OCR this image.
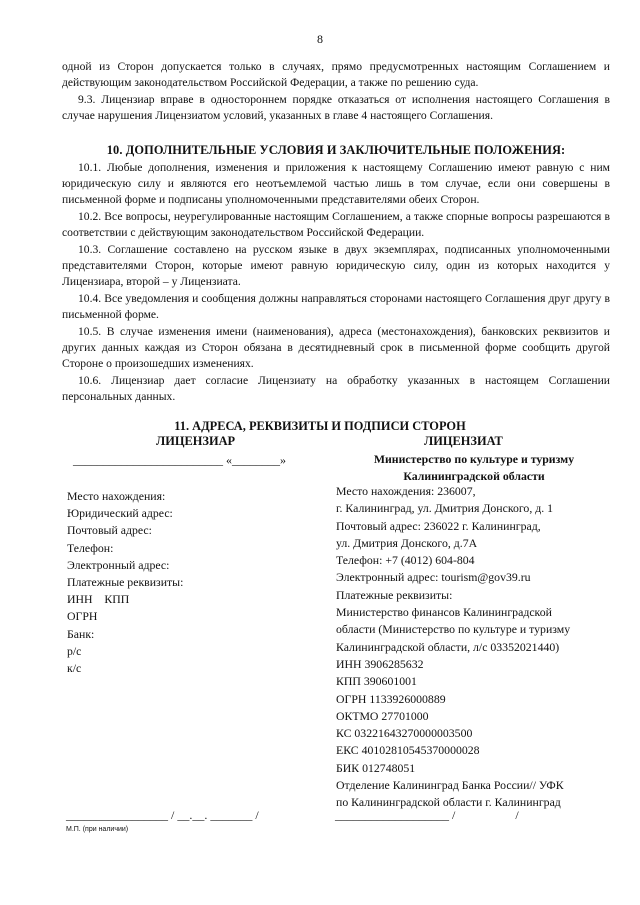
8

одной из Сторон допускается только в случаях, прямо предусмотренных настоящим Соглашением и действующим законодательством Российской Федерации, а также по решению суда.

9.3. Лицензиар вправе в одностороннем порядке отказаться от исполнения настоящего Соглашения в случае нарушения Лицензиатом условий, указанных в главе 4 настоящего Соглашения.

10. ДОПОЛНИТЕЛЬНЫЕ УСЛОВИЯ И ЗАКЛЮЧИТЕЛЬНЫЕ ПОЛОЖЕНИЯ:

10.1. Любые дополнения, изменения и приложения к настоящему Соглашению имеют равную с ним юридическую силу и являются его неотъемлемой частью лишь в том случае, если они совершены в письменной форме и подписаны уполномоченными представителями обеих Сторон.

10.2. Все вопросы, неурегулированные настоящим Соглашением, а также спорные вопросы разрешаются в соответствии с действующим законодательством Российской Федерации.

10.3. Соглашение составлено на русском языке в двух экземплярах, подписанных уполномоченными представителями Сторон, которые имеют равную юридическую силу, один из которых находится у Лицензиара, второй – у Лицензиата.

10.4. Все уведомления и сообщения должны направляться сторонами настоящего Соглашения друг другу в письменной форме.

10.5. В случае изменения имени (наименования), адреса (местонахождения), банковских реквизитов и других данных каждая из Сторон обязана в десятидневный срок в письменной форме сообщить другой Стороне о произошедших изменениях.

10.6. Лицензиар дает согласие Лицензиату на обработку указанных в настоящем Соглашении персональных данных.

11. АДРЕСА, РЕКВИЗИТЫ И ПОДПИСИ СТОРОН
ЛИЦЕНЗИАР	ЛИЦЕНЗИАТ
_________________________ «________»	Министерство по культуре и туризму Калининградской области
Место нахождения:
Юридический адрес:
Почтовый адрес:
Телефон:
Электронный адрес:
Платежные реквизиты:
ИНН    КПП
ОГРН
Банк:
р/с
к/с
Место нахождения: 236007,
г. Калининград, ул. Дмитрия Донского, д. 1
Почтовый адрес: 236022 г. Калининград,
ул. Дмитрия Донского, д.7А
Телефон: +7 (4012) 604-804
Электронный адрес: tourism@gov39.ru
Платежные реквизиты:
Министерство финансов Калининградской
области (Министерство по культуре и туризму
Калининградской области, л/с 03352021440)
ИНН 3906285632
КПП 390601001
ОГРН 1133926000889
ОКТМО 27701000
КС 03221643270000003500
ЕКС 40102810545370000028
БИК 012748051
Отделение Калининград Банка России// УФК
по Калининградской области г. Калининград
_________________ / __.__. _______ /	___________________ /                    /
М.П. (при наличии)
